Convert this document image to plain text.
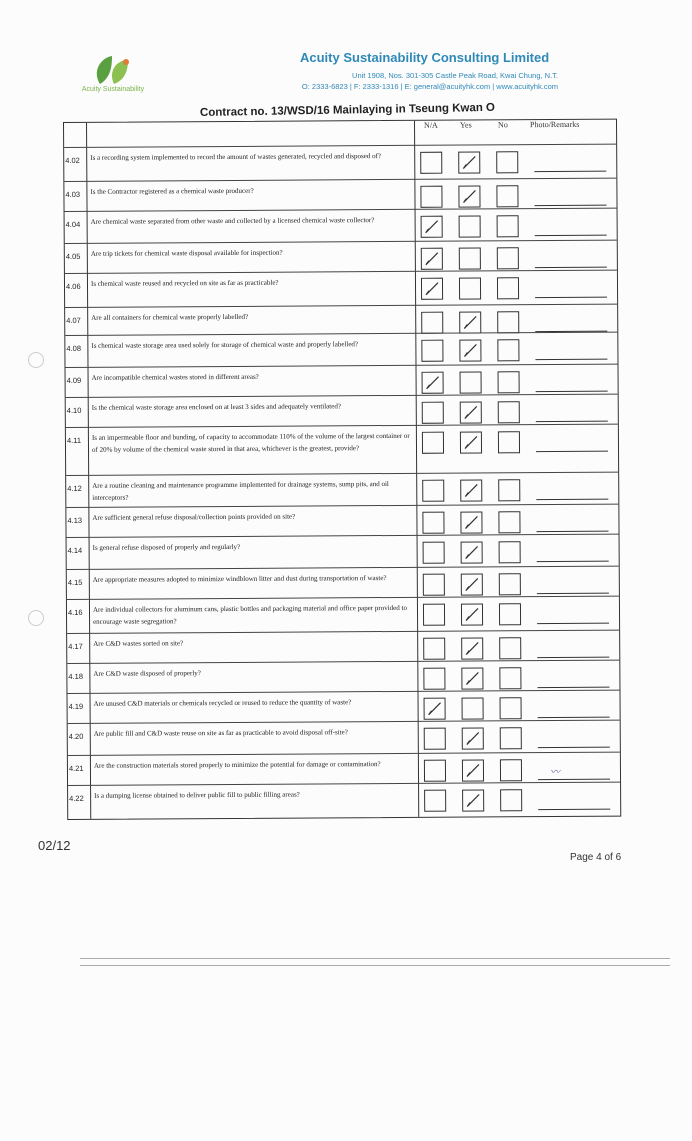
Acuity Sustainability
Acuity Sustainability Consulting Limited
Unit 1908, Nos. 301-305 Castle Peak Road, Kwai Chung, N.T.
O: 2333-6823 | F: 2333-1316 | E: general@acuityhk.com | www.acuityhk.com
Contract no. 13/WSD/16 Mainlaying in Tseung Kwan O
N/A	Yes	No	Photo/Remarks
4.02 Is a recording system implemented to record the amount of wastes generated, recycled and disposed of?
4.03 Is the Contractor registered as a chemical waste producer?
4.04 Are chemical waste separated from other waste and collected by a licensed chemical waste collector?
4.05 Are trip tickets for chemical waste disposal available for inspection?
4.06 Is chemical waste reused and recycled on site as far as practicable?
4.07 Are all containers for chemical waste properly labelled?
4.08 Is chemical waste storage area used solely for storage of chemical waste and properly labelled?
4.09 Are incompatible chemical wastes stored in different areas?
4.10 Is the chemical waste storage area enclosed on at least 3 sides and adequately ventilated?
4.11 Is an impermeable floor and bunding, of capacity to accommodate 110% of the volume of the largest container or of 20% by volume of the chemical waste stored in that area, whichever is the greatest, provide?
4.12 Are a routine cleaning and maintenance programme implemented for drainage systems, sump pits, and oil interceptors?
4.13 Are sufficient general refuse disposal/collection points provided on site?
4.14 Is general refuse disposed of properly and regularly?
4.15 Are appropriate measures adopted to minimize windblown litter and dust during transportation of waste?
4.16 Are individual collectors for aluminum cans, plastic bottles and packaging material and office paper provided to encourage waste segregation?
4.17 Are C&D wastes sorted on site?
4.18 Are C&D waste disposed of properly?
4.19 Are unused C&D materials or chemicals recycled or reused to reduce the quantity of waste?
4.20 Are public fill and C&D waste reuse on site as far as practicable to avoid disposal off-site?
4.21 Are the construction materials stored properly to minimize the potential for damage or contamination?
〰
4.22 Is a dumping license obtained to deliver public fill to public filling areas?
02/12
Page 4 of 6
